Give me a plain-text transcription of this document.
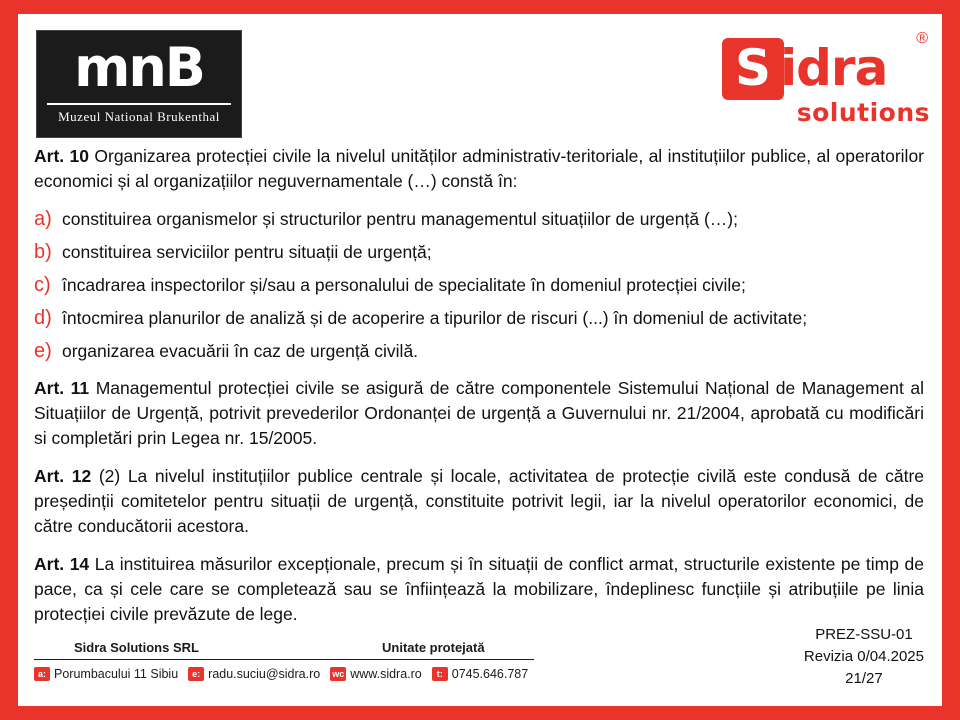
mnB
Muzeul National Brukenthal
S idra
solutions
®

Art. 10 Organizarea protecției civile la nivelul unităților administrativ-teritoriale, al instituțiilor publice, al operatorilor economici și al organizațiilor neguvernamentale (…) constă în:

a) constituirea organismelor și structurilor pentru managementul situațiilor de urgență (…);
b) constituirea serviciilor pentru situații de urgență;
c) încadrarea inspectorilor și/sau a personalului de specialitate în domeniul protecției civile;
d) întocmirea planurilor de analiză și de acoperire a tipurilor de riscuri (...) în domeniul de activitate;
e) organizarea evacuării în caz de urgență civilă.

Art. 11 Managementul protecției civile se asigură de către componentele Sistemului Național de Management al Situațiilor de Urgență, potrivit prevederilor Ordonanței de urgență a Guvernului nr. 21/2004, aprobată cu modificări si completări prin Legea nr. 15/2005.

Art. 12 (2) La nivelul instituțiilor publice centrale și locale, activitatea de protecție civilă este condusă de către președinții comitetelor pentru situații de urgență, constituite potrivit legii, iar la nivelul operatorilor economici, de către conducătorii acestora.

Art. 14 La instituirea măsurilor excepționale, precum și în situații de conflict armat, structurile existente pe timp de pace, ca și cele care se completează sau se înființează la mobilizare, îndeplinesc funcțiile și atribuțiile pe linia protecției civile prevăzute de lege.

Sidra Solutions SRL	Unitate protejată
a: Porumbacului 11 Sibiu	e: radu.suciu@sidra.ro wc www.sidra.ro	t: 0745.646.787
PREZ-SSU-01
Revizia 0/04.2025
21/27
